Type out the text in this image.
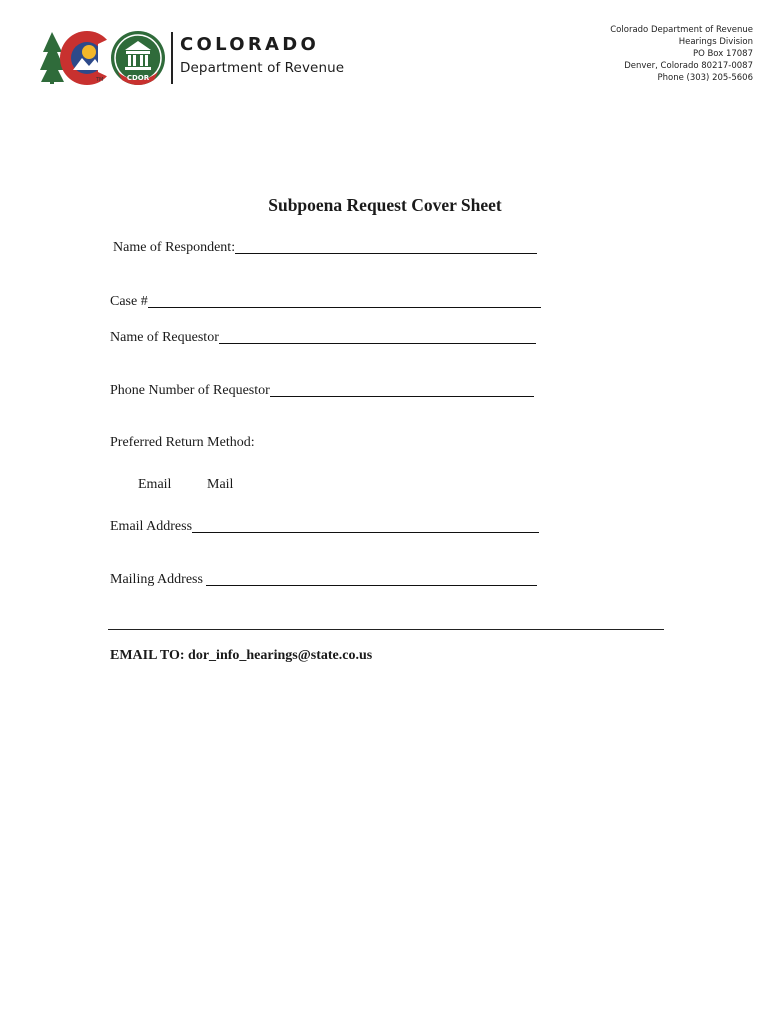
CDOR
TM
COLORADO
Department of Revenue
Colorado Department of Revenue
Hearings Division
PO Box 17087
Denver, Colorado 80217-0087
Phone (303) 205-5606
Subpoena Request Cover Sheet
Name of Respondent:
Case #
Name of Requestor
Phone Number of Requestor
Preferred Return Method:
Email	Mail
Email Address
Mailing Address
EMAIL TO: dor_info_hearings@state.co.us
